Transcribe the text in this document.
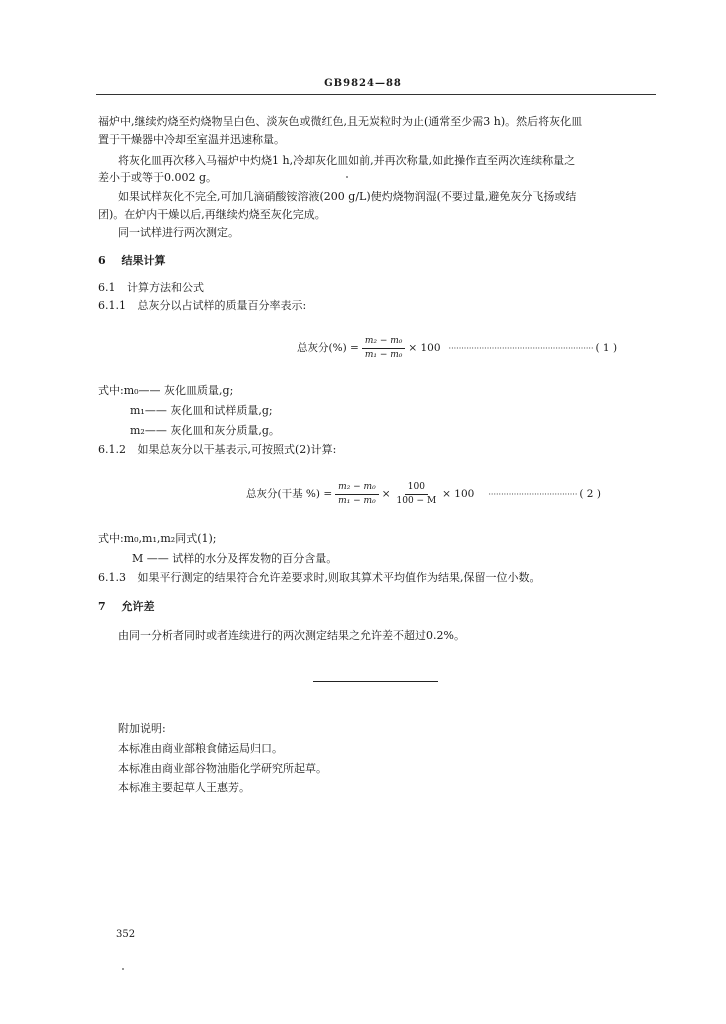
GB9824—88
福炉中,继续灼烧至灼烧物呈白色、淡灰色或微红色,且无炭粒时为止(通常至少需3 h)。然后将灰化皿
置于干燥器中冷却至室温并迅速称量。
将灰化皿再次移入马福炉中灼烧1 h,冷却灰化皿如前,并再次称量,如此操作直至两次连续称量之
差小于或等于0.002 g。
如果试样灰化不完全,可加几滴硝酸铵溶液(200 g/L)使灼烧物润湿(不要过量,避免灰分飞扬或结
团)。在炉内干燥以后,再继续灼烧至灰化完成。
同一试样进行两次测定。
6 结果计算
6.1 计算方法和公式
6.1.1 总灰分以占试样的质量百分率表示:
总灰分(%) = $\frac{\text{m₂ − m₀}}{\text{m₁ − m₀}} \times 100$ ························································· ( 1 )
式中:m₀—— 灰化皿质量,g;
m₁—— 灰化皿和试样质量,g;
m₂—— 灰化皿和灰分质量,g。
6.1.2 如果总灰分以干基表示,可按照式(2)计算:
总灰分(干基 %) = $\frac{\text{m₂ − m₀}}{\text{m₁ − m₀}} \times \frac{100}{100 - M} \times 100$ ··································· ( 2 )
式中:m₀,m₁,m₂同式(1);
M —— 试样的水分及挥发物的百分含量。
6.1.3 如果平行测定的结果符合允许差要求时,则取其算术平均值作为结果,保留一位小数。
7 允许差
由同一分析者同时或者连续进行的两次测定结果之允许差不超过0.2%。
附加说明:
本标准由商业部粮食储运局归口。
本标准由商业部谷物油脂化学研究所起草。
本标准主要起草人王惠芳。
352
